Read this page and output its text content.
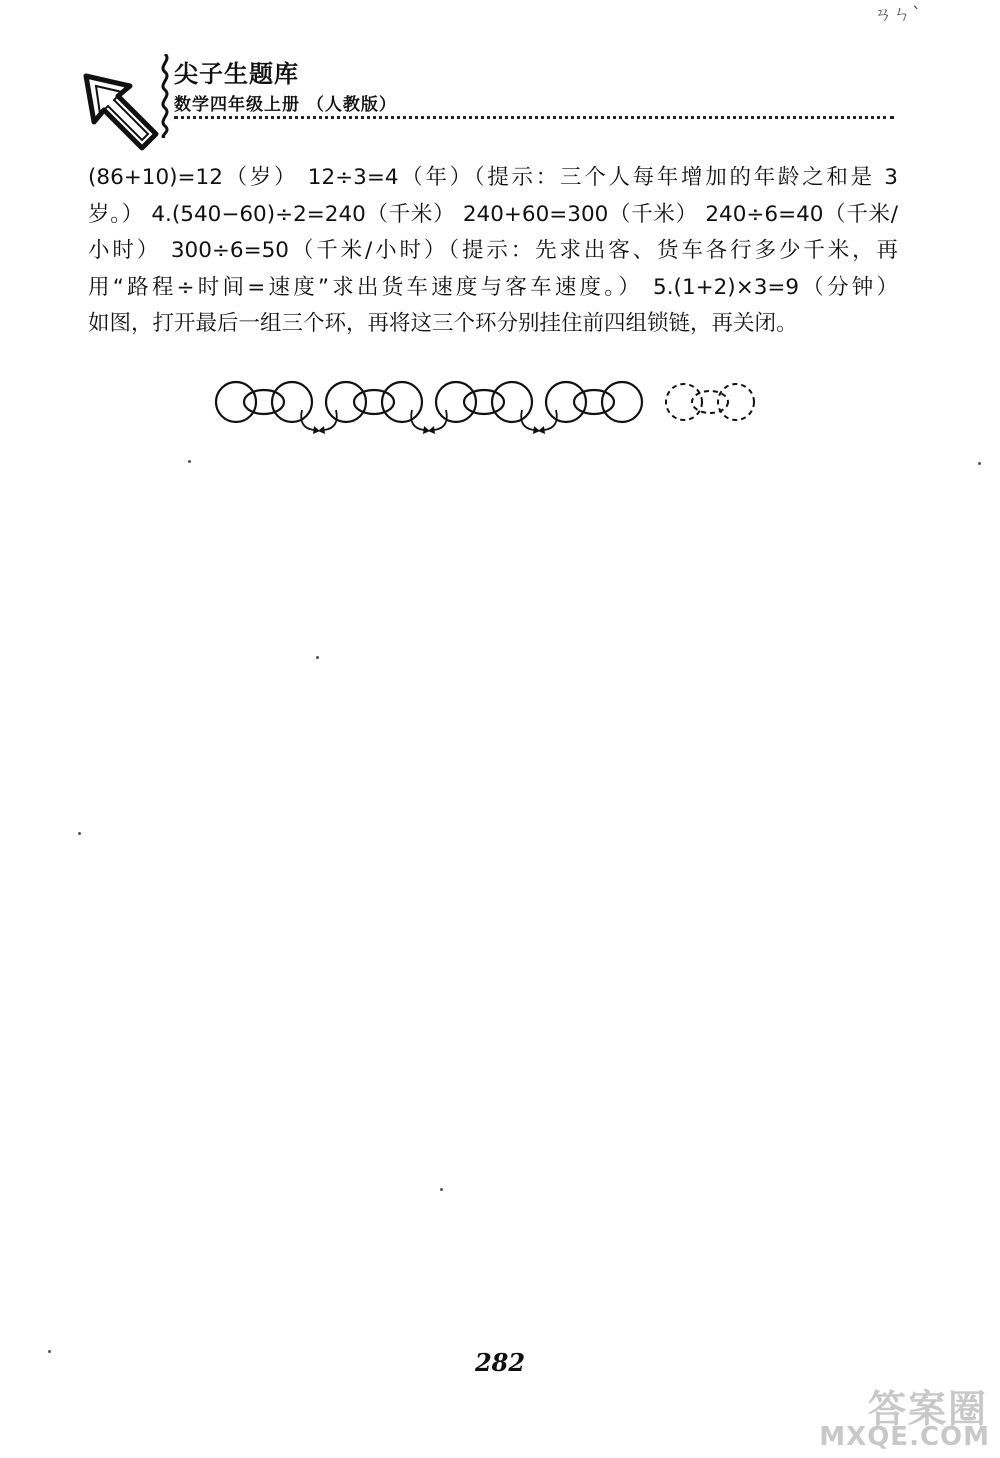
ㄢㄣˋ
尖子生题库
数学四年级上册 （人教版）
(86+10)=12（岁） 12÷3=4（年）（提示：三个人每年增加的年龄之和是 3
岁。） 4.(540−60)÷2=240（千米） 240+60=300（千米） 240÷6=40（千米/
小时） 300÷6=50（千米/小时）（提示：先求出客、货车各行多少千米，再
用“路程÷时间=速度”求出货车速度与客车速度。） 5.(1+2)×3=9（分钟）
如图，打开最后一组三个环，再将这三个环分别挂住前四组锁链，再关闭。
282
答案圈
MXQE.COM
